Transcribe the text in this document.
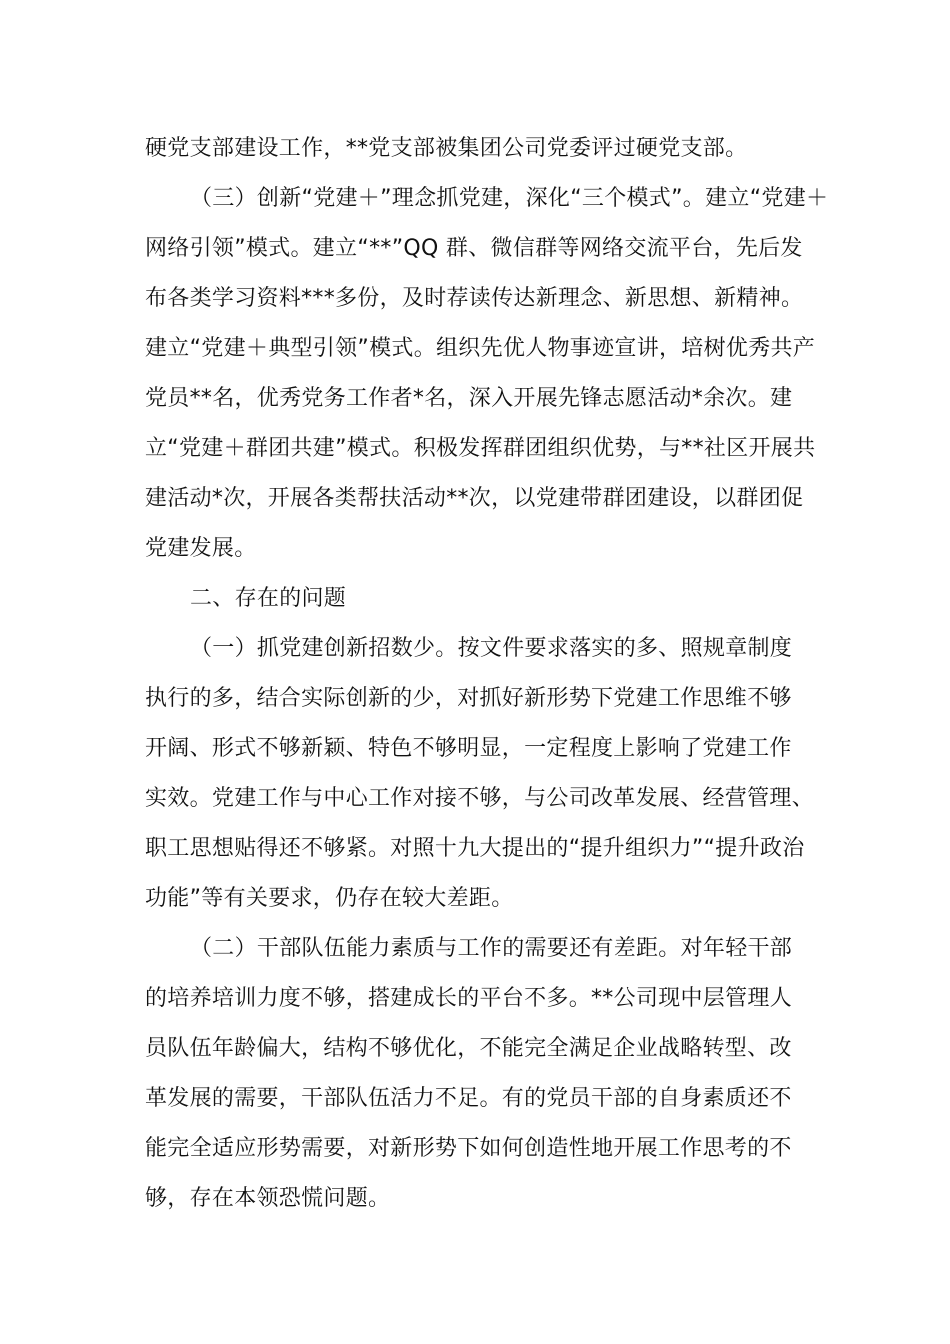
硬党支部建设工作，**党支部被集团公司党委评过硬党支部。
（三）创新“党建＋”理念抓党建，深化“三个模式”。建立“党建＋
网络引领”模式。建立“**”QQ 群、微信群等网络交流平台，先后发
布各类学习资料***多份，及时荐读传达新理念、新思想、新精神。
建立“党建＋典型引领”模式。组织先优人物事迹宣讲，培树优秀共产
党员**名，优秀党务工作者*名，深入开展先锋志愿活动*余次。建
立“党建＋群团共建”模式。积极发挥群团组织优势，与**社区开展共
建活动*次，开展各类帮扶活动**次，以党建带群团建设，以群团促
党建发展。
二、存在的问题
（一）抓党建创新招数少。按文件要求落实的多、照规章制度
执行的多，结合实际创新的少，对抓好新形势下党建工作思维不够
开阔、形式不够新颖、特色不够明显，一定程度上影响了党建工作
实效。党建工作与中心工作对接不够，与公司改革发展、经营管理、
职工思想贴得还不够紧。对照十九大提出的“提升组织力”“提升政治
功能”等有关要求，仍存在较大差距。
（二）干部队伍能力素质与工作的需要还有差距。对年轻干部
的培养培训力度不够，搭建成长的平台不多。**公司现中层管理人
员队伍年龄偏大，结构不够优化，不能完全满足企业战略转型、改
革发展的需要，干部队伍活力不足。有的党员干部的自身素质还不
能完全适应形势需要，对新形势下如何创造性地开展工作思考的不
够，存在本领恐慌问题。
